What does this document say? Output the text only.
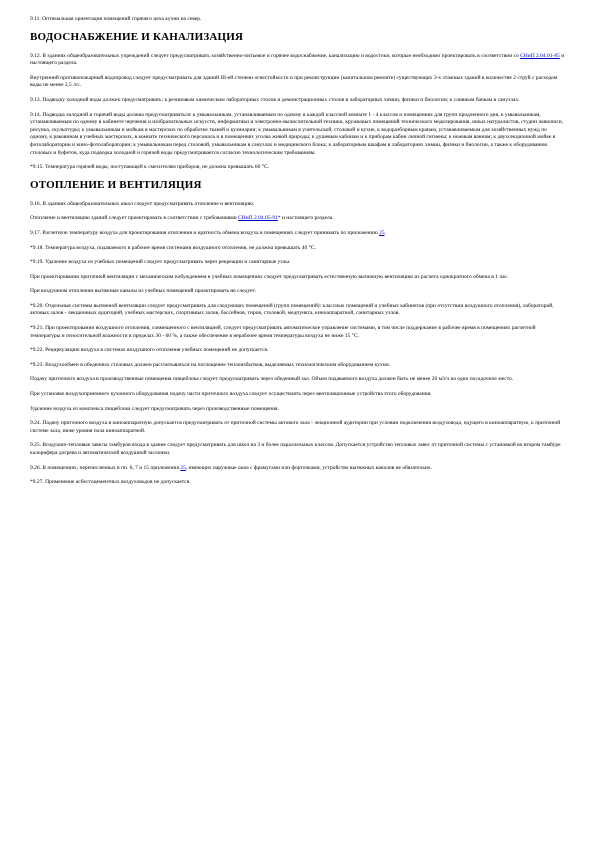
9.11. Оптимальная ориентация помещений горячего цеха кухни на север.

ВОДОСНАБЖЕНИЕ И КАНАЛИЗАЦИЯ

9.12. В зданиях общеобразовательных учреждений следует предусматривать хозяйственно-питьевое и горячее водоснабжение, канализацию и водостоки, которые необходимо проектировать в соответствии со СНиП 2.04.01-85 и настоящего раздела.

Внутренний противопожарный водопровод следует предусматривать для зданий III-ей степени огнестойкости и при реконструкции (капитальном ремонте) существующих 3-х этажных зданий в количестве 2 струй с расходом воды не менее 2,5 л/с.

9.13. Подводку холодной воды должно предусматривать: к резиновым химическим лабораторных столов и демонстрационных столов в лабораторных химии, физики и биологии; к сливным бачкам в санузлах.

9.14. Подводка холодной и горячей воды должна предусматриваться: к умывальникам, устанавливаемым по одному в каждой классной комнате 1 - 4 классов и помещениях для групп продленного дня, к умывальникам, устанавливаемым по одному в кабинете черчения и изобразительных искусств, информатики и электронно-вычислительной техники, кружковых помещений технического моделирования, юных натуралистов, студии живописи, рисунка, скульптуры; к умывальникам и мойкам в мастерских по обработке тканей и кулинарии; к умывальникам в учительской, столовой и кухне, к водоразборным кранам, устанавливаемым для хозяйственных нужд по одному, к раковинам в учебных мастерских, в комнате технического персонала и в помещениях уголка живой природы; к душевым кабинам и к приборам кабин личной гигиены; к ножным ваннам; к двухсекционной мойке в фотолаборатории и кино-фотолаборатории; к умывальникам перед столовой, умывальникам в санузлах и медицинского блока; к лабораторным шкафам в лабораториях химии, физики и биологии, а также к оборудованию столовых и буфетов, куда подводка холодной и горячей воды предусматривается согласно технологическим требованиям.

*9.15. Температура горячей воды, поступающей к смесителям приборов, не должна превышать 60 °С.

ОТОПЛЕНИЕ И ВЕНТИЛЯЦИЯ

9.16. В зданиях общеобразовательных школ следует предусматривать отопление и вентиляцию.

Отопление и вентиляцию зданий следует проектировать в соответствии с требованиями СНиП 2.04.05-91* и настоящего раздела.

9.17. Расчетную температуру воздуха для проектирования отопления и кратность обмена воздуха в помещениях следует принимать по приложению 25.

*9.18. Температура воздуха, подаваемого в рабочее время системами воздушного отопления, не должна превышать 40 °С.

*9.19. Удаление воздуха из учебных помещений следует предусматривать через рекреации и санитарные узлы.

При проектировании приточной вентиляции с механическим побуждением в учебных помещениях следует предусматривать естественную вытяжную вентиляцию из расчета однократного обмена в 1 час.

При воздушном отоплении вытяжные каналы из учебных помещений проектировать не следует.

*9.20. Отдельные системы вытяжной вентиляции следует предусматривать для следующих помещений (групп помещений): классных помещений и учебных кабинетов (при отсутствии воздушного отопления), лабораторий, актовых залов - лекционных аудиторий, учебных мастерских, спортивных залов, бассейнов, тиров, столовой, медпункта, киноаппаратной, санитарных узлов.

*9.21. При проектировании воздушного отопления, совмещенного с вентиляцией, следует предусматривать автоматическое управление системами, в том числе поддержание в рабочее время в помещениях расчетной температуры и относительной влажности в пределах 30 - 60 %, а также обеспечение в нерабочее время температуры воздуха не ниже 15 °С.

*9.22. Рециркуляцию воздуха в системах воздушного отопления учебных помещений не допускается.

*9.23. Воздухообмен в обеденных столовых должен рассчитываться на поглощение теплоизбытков, выделяемых технологическим оборудованием кухни.

Подачу приточного воздуха в производственные помещения пищеблока следует предусматривать через обеденный зал. Объем подаваемого воздуха должен быть не менее 20 м3/ч на одно посадочное место.

При установке воздухоприемного кухонного оборудования подачу части приточного воздуха следует осуществлять через вентиляционные устройства этого оборудования.

Удаление воздуха из комплекса пищеблока следует предусматривать через производственные помещения.

9.24. Подачу приточного воздуха в киноаппаратную допускается предусматривать от приточной системы актового зала - лекционной аудитории при условии подключения воздуховода, идущего в киноаппаратную, к приточной системе зала, ниже уровня пола киноаппаратной.

9.25. Воздушно-тепловые завесы тамбуров входа в здание следует предусматривать для школ на 3 и более параллельных классов. Допускается устройство тепловых завес от приточной системы с установкой во втором тамбуре калорифера догрева и автоматической воздушной заслонки.

9.26. В помещениях, перечисленных в пп. 6, 7 и 15 приложения 25, имеющих наружные окна с фрамугами или форточками, устройство вытяжных каналов не обязательно.

*9.27. Применение асбестоцементных воздуховодов не допускается.
